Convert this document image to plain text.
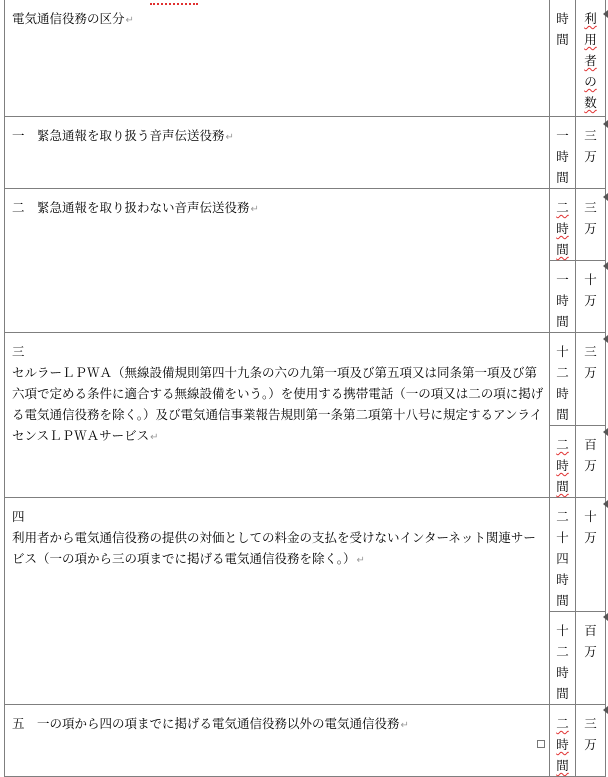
電気通信役務の区分↵	時間	利用者の数
一　緊急通報を取り扱う音声伝送役務↵	一時間	三万
二　緊急通報を取り扱わない音声伝送役務↵	二時間	三万
	一時間	十万

三
セルラーＬＰＷＡ（無線設備規則第四十九条の六の九第一項及び第五項又は同条第一項及び第六項で定める条件に適合する無線設備をいう。）を使用する携帯電話（一の項又は二の項に掲げる電気通信役務を除く。）及び電気通信事業報告規則第一条第二項第十八号に規定するアンライセンスＬＰＷＡサービス↵	十二時間	三万
	二時間	百万

四
利用者から電気通信役務の提供の対価としての料金の支払を受けないインターネット関連サービス（一の項から三の項までに掲げる電気通信役務を除く。）↵	二十四時間	十万
	十二時間	百万
五　一の項から四の項までに掲げる電気通信役務以外の電気通信役務↵	二時間	三万
